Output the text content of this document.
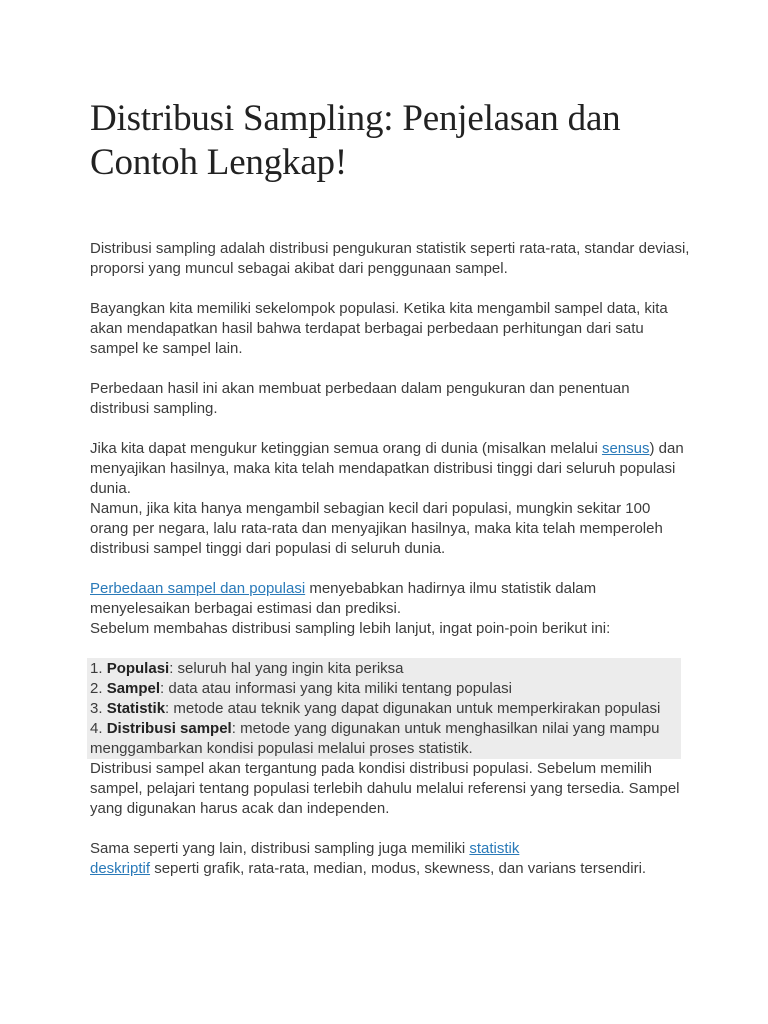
Distribusi Sampling: Penjelasan dan Contoh Lengkap!

Distribusi sampling adalah distribusi pengukuran statistik seperti rata-rata, standar deviasi, proporsi yang muncul sebagai akibat dari penggunaan sampel.

Bayangkan kita memiliki sekelompok populasi. Ketika kita mengambil sampel data, kita akan mendapatkan hasil bahwa terdapat berbagai perbedaan perhitungan dari satu sampel ke sampel lain.

Perbedaan hasil ini akan membuat perbedaan dalam pengukuran dan penentuan distribusi sampling.

Jika kita dapat mengukur ketinggian semua orang di dunia (misalkan melalui sensus) dan menyajikan hasilnya, maka kita telah mendapatkan distribusi tinggi dari seluruh populasi dunia.
Namun, jika kita hanya mengambil sebagian kecil dari populasi, mungkin sekitar 100 orang per negara, lalu rata-rata dan menyajikan hasilnya, maka kita telah memperoleh distribusi sampel tinggi dari populasi di seluruh dunia.
Perbedaan sampel dan populasi menyebabkan hadirnya ilmu statistik dalam menyelesaikan berbagai estimasi dan prediksi.
Sebelum membahas distribusi sampling lebih lanjut, ingat poin-poin berikut ini:
1. Populasi: seluruh hal yang ingin kita periksa
2. Sampel: data atau informasi yang kita miliki tentang populasi
3. Statistik: metode atau teknik yang dapat digunakan untuk memperkirakan populasi
4. Distribusi sampel: metode yang digunakan untuk menghasilkan nilai yang mampu menggambarkan kondisi populasi melalui proses statistik.

Distribusi sampel akan tergantung pada kondisi distribusi populasi. Sebelum memilih sampel, pelajari tentang populasi terlebih dahulu melalui referensi yang tersedia. Sampel yang digunakan harus acak dan independen.

Sama seperti yang lain, distribusi sampling juga memiliki statistik
deskriptif seperti grafik, rata-rata, median, modus, skewness, dan varians tersendiri.
